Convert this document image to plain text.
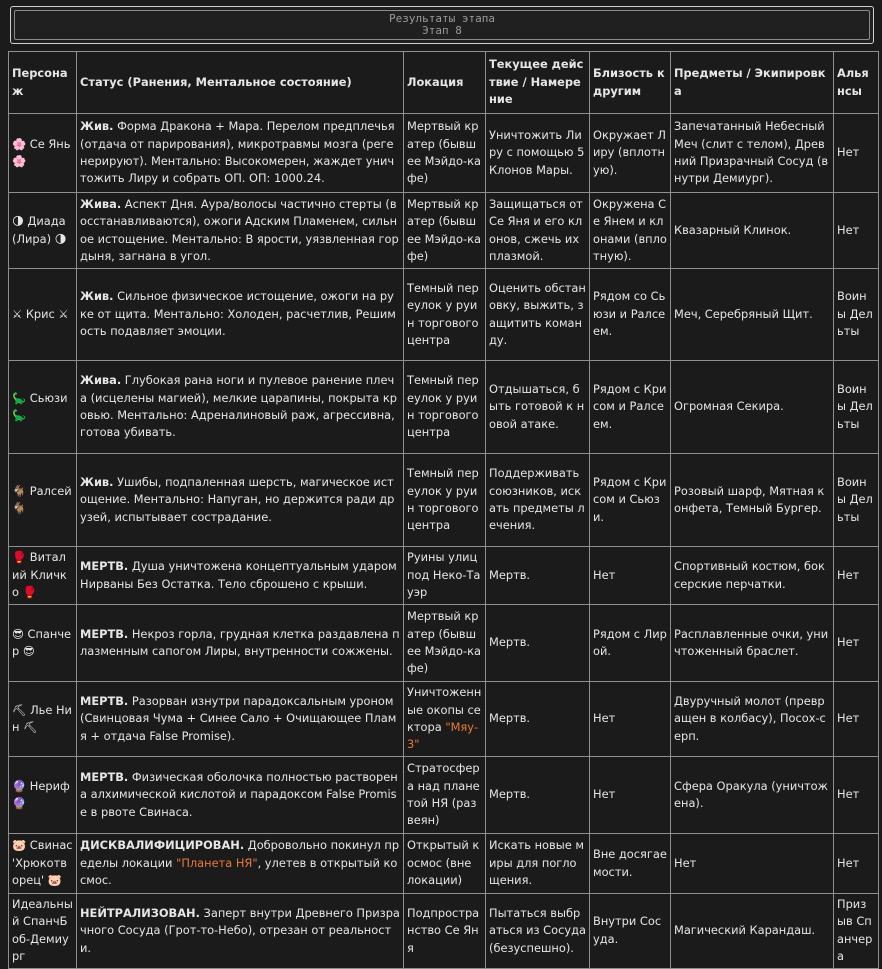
Результаты этапа
Этап 8
Персонаж	Статус (Ранения, Ментальное состояние)	Локация	Текущее действие / Намерение	Близость к другим	Предметы / Экипировка	Альянсы
🌸 Се Янь 🌸	Жив. Форма Дракона + Мара. Перелом предплечья (отдача от парирования), микротравмы мозга (регенерируют). Ментально: Высокомерен, жаждет уничтожить Лиру и собрать ОП. ОП: 1000.24.	Мертвый кратер (бывшее Мэйдо-кафе)	Уничтожить Лиру с помощью 5 Клонов Мары.	Окружает Лиру (вплотную).	Запечатанный Небесный Меч (слит с телом), Древний Призрачный Сосуд (внутри Демиург).	Нет
🌗 Диада (Лира) 🌗	Жива. Аспект Дня. Аура/волосы частично стерты (восстанавливаются), ожоги Адским Пламенем, сильное истощение. Ментально: В ярости, уязвленная гордыня, загнана в угол.	Мертвый кратер (бывшее Мэйдо-кафе)	Защищаться от Се Яня и его клонов, сжечь их плазмой.	Окружена Се Янем и клонами (вплотную).	Квазарный Клинок.	Нет
⚔ Крис ⚔	Жив. Сильное физическое истощение, ожоги на руке от щита. Ментально: Холоден, расчетлив, Решимость подавляет эмоции.	Темный переулок у руин торгового центра	Оценить обстановку, выжить, защитить команду.	Рядом со Сьюзи и Ралсеем.	Меч, Серебряный Щит.	Воины Дельты
🦕 Сьюзи 🦕	Жива. Глубокая рана ноги и пулевое ранение плеча (исцелены магией), мелкие царапины, покрыта кровью. Ментально: Адреналиновый раж, агрессивна, готова убивать.	Темный переулок у руин торгового центра	Отдышаться, быть готовой к новой атаке.	Рядом с Крисом и Ралсеем.	Огромная Секира.	Воины Дельты
🐐 Ралсей 🐐	Жив. Ушибы, подпаленная шерсть, магическое истощение. Ментально: Напуган, но держится ради друзей, испытывает сострадание.	Темный переулок у руин торгового центра	Поддерживать союзников, искать предметы лечения.	Рядом с Крисом и Сьюзи.	Розовый шарф, Мятная конфета, Темный Бургер.	Воины Дельты
🥊 Виталий Кличко 🥊	МЕРТВ. Душа уничтожена концептуальным ударом Нирваны Без Остатка. Тело сброшено с крыши.	Руины улиц под Неко-Тауэр	Мертв.	Нет	Спортивный костюм, боксерские перчатки.	Нет
😎 Спанчер 😎	МЕРТВ. Некроз горла, грудная клетка раздавлена плазменным сапогом Лиры, внутренности сожжены.	Мертвый кратер (бывшее Мэйдо-кафе)	Мертв.	Рядом с Лирой.	Расплавленные очки, уничтоженный браслет.	Нет
⛏ Лье Нин ⛏	МЕРТВ. Разорван изнутри парадоксальным уроном (Свинцовая Чума + Синее Сало + Очищающее Пламя + отдача False Promise).	Уничтоженные окопы сектора "Мяу-3"	Мертв.	Нет	Двуручный молот (превращен в колбасу), Посох-серп.	Нет
🔮 Нериф 🔮	МЕРТВ. Физическая оболочка полностью растворена алхимической кислотой и парадоксом False Promise в рвоте Свинаса.	Стратосфера над планетой НЯ (развеян)	Мертв.	Нет	Сфера Оракула (уничтожена).	Нет
🐷 Свинас 'Хрюкотворец' 🐷	ДИСКВАЛИФИЦИРОВАН. Добровольно покинул пределы локации "Планета НЯ", улетев в открытый космос.	Открытый космос (вне локации)	Искать новые миры для поглощения.	Вне досягаемости.	Нет	Нет
Идеальный СпанчБоб-Демиург	НЕЙТРАЛИЗОВАН. Заперт внутри Древнего Призрачного Сосуда (Грот-то-Небо), отрезан от реальности.	Подпространство Се Яня	Пытаться выбраться из Сосуда (безуспешно).	Внутри Сосуда.	Магический Карандаш.	Призыв Спанчера
